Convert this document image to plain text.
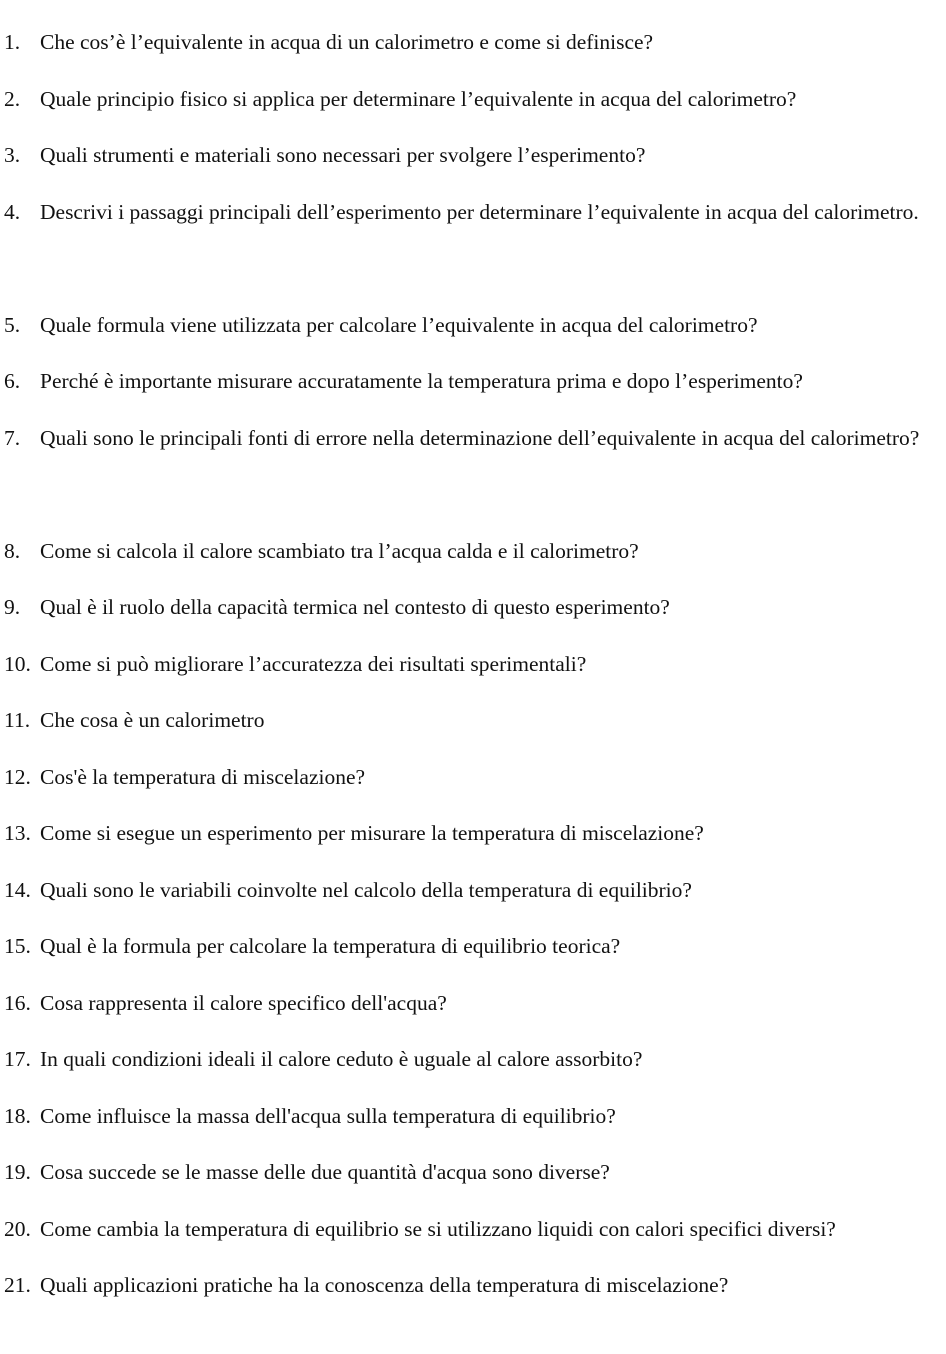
1. Che cos’è l’equivalente in acqua di un calorimetro e come si definisce?
2. Quale principio fisico si applica per determinare l’equivalente in acqua del calorimetro?
3. Quali strumenti e materiali sono necessari per svolgere l’esperimento?
4. Descrivi i passaggi principali dell’esperimento per determinare l’equivalente in acqua del calorimetro.
5. Quale formula viene utilizzata per calcolare l’equivalente in acqua del calorimetro?
6. Perché è importante misurare accuratamente la temperatura prima e dopo l’esperimento?
7. Quali sono le principali fonti di errore nella determinazione dell’equivalente in acqua del calorimetro?
8. Come si calcola il calore scambiato tra l’acqua calda e il calorimetro?
9. Qual è il ruolo della capacità termica nel contesto di questo esperimento?
10. Come si può migliorare l’accuratezza dei risultati sperimentali?
11. Che cosa è un calorimetro
12. Cos'è la temperatura di miscelazione?
13. Come si esegue un esperimento per misurare la temperatura di miscelazione?
14. Quali sono le variabili coinvolte nel calcolo della temperatura di equilibrio?
15. Qual è la formula per calcolare la temperatura di equilibrio teorica?
16. Cosa rappresenta il calore specifico dell'acqua?
17. In quali condizioni ideali il calore ceduto è uguale al calore assorbito?
18. Come influisce la massa dell'acqua sulla temperatura di equilibrio?
19. Cosa succede se le masse delle due quantità d'acqua sono diverse?
20. Come cambia la temperatura di equilibrio se si utilizzano liquidi con calori specifici diversi?
21. Quali applicazioni pratiche ha la conoscenza della temperatura di miscelazione?
